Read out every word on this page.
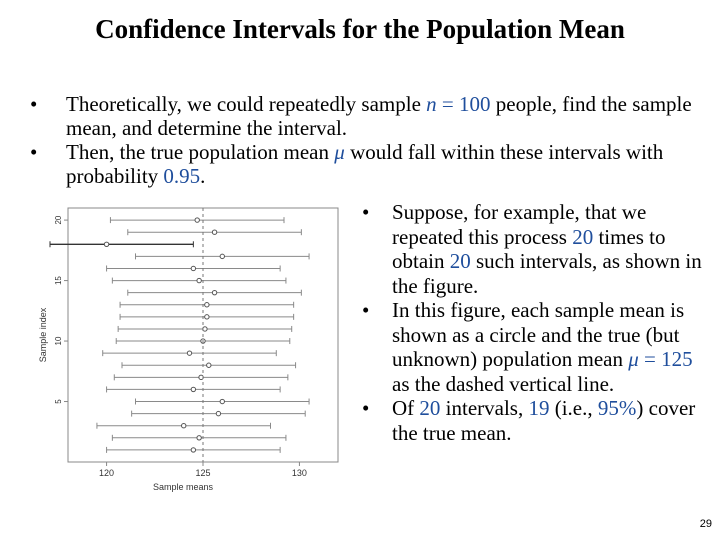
Confidence Intervals for the Population Mean
• Theoretically, we could repeatedly sample n = 100 people, find the sample mean, and determine the interval.
• Then, the true population mean μ would fall within these intervals with probability 0.95.
120	125	130
5
10
15
20
Sample means
Sample index
• Suppose, for example, that we repeated this process 20 times to obtain 20 such intervals, as shown in the figure.
• In this figure, each sample mean is shown as a circle and the true (but unknown) population mean μ = 125 as the dashed vertical line.
• Of 20 intervals, 19 (i.e., 95%) cover the true mean.
29
